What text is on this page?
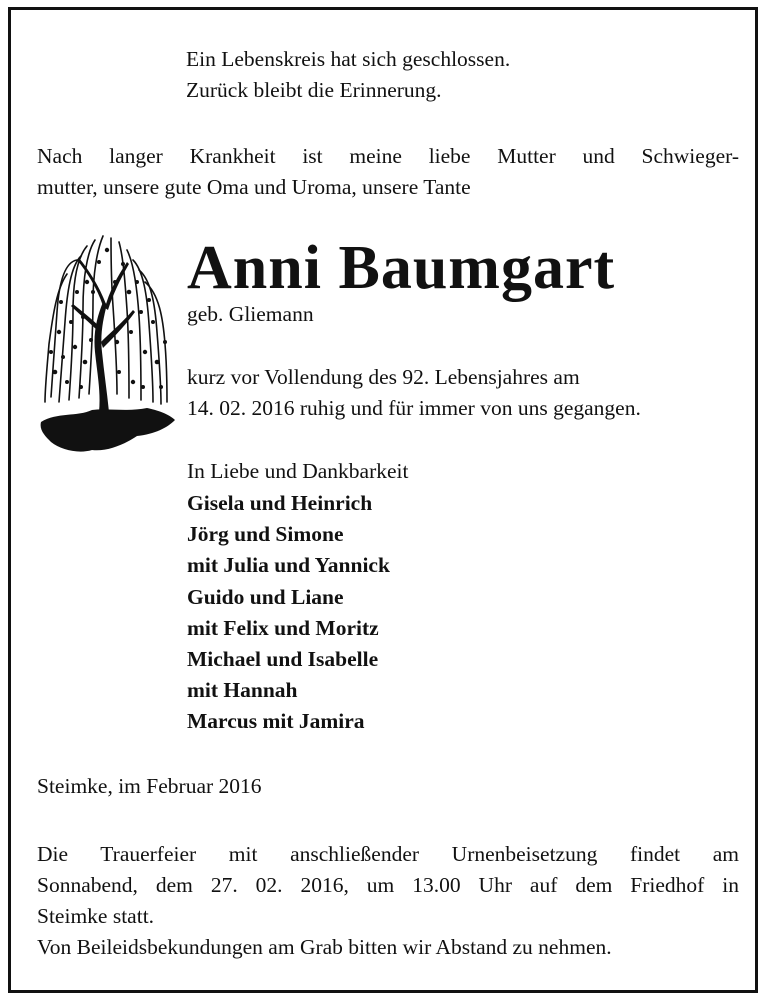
Ein Lebenskreis hat sich geschlossen.
Zurück bleibt die Erinnerung.
Nach langer Krankheit ist meine liebe Mutter und Schwieger-
mutter, unsere gute Oma und Uroma, unsere Tante
Anni Baumgart
geb. Gliemann
kurz vor Vollendung des 92. Lebensjahres am
14. 02. 2016 ruhig und für immer von uns gegangen.
In Liebe und Dankbarkeit
Gisela und Heinrich
Jörg und Simone
mit Julia und Yannick
Guido und Liane
mit Felix und Moritz
Michael und Isabelle
mit Hannah
Marcus mit Jamira
Steimke, im Februar 2016
Die Trauerfeier mit anschließender Urnenbeisetzung findet am
Sonnabend, dem 27. 02. 2016, um 13.00 Uhr auf dem Friedhof in
Steimke statt.
Von Beileidsbekundungen am Grab bitten wir Abstand zu nehmen.
